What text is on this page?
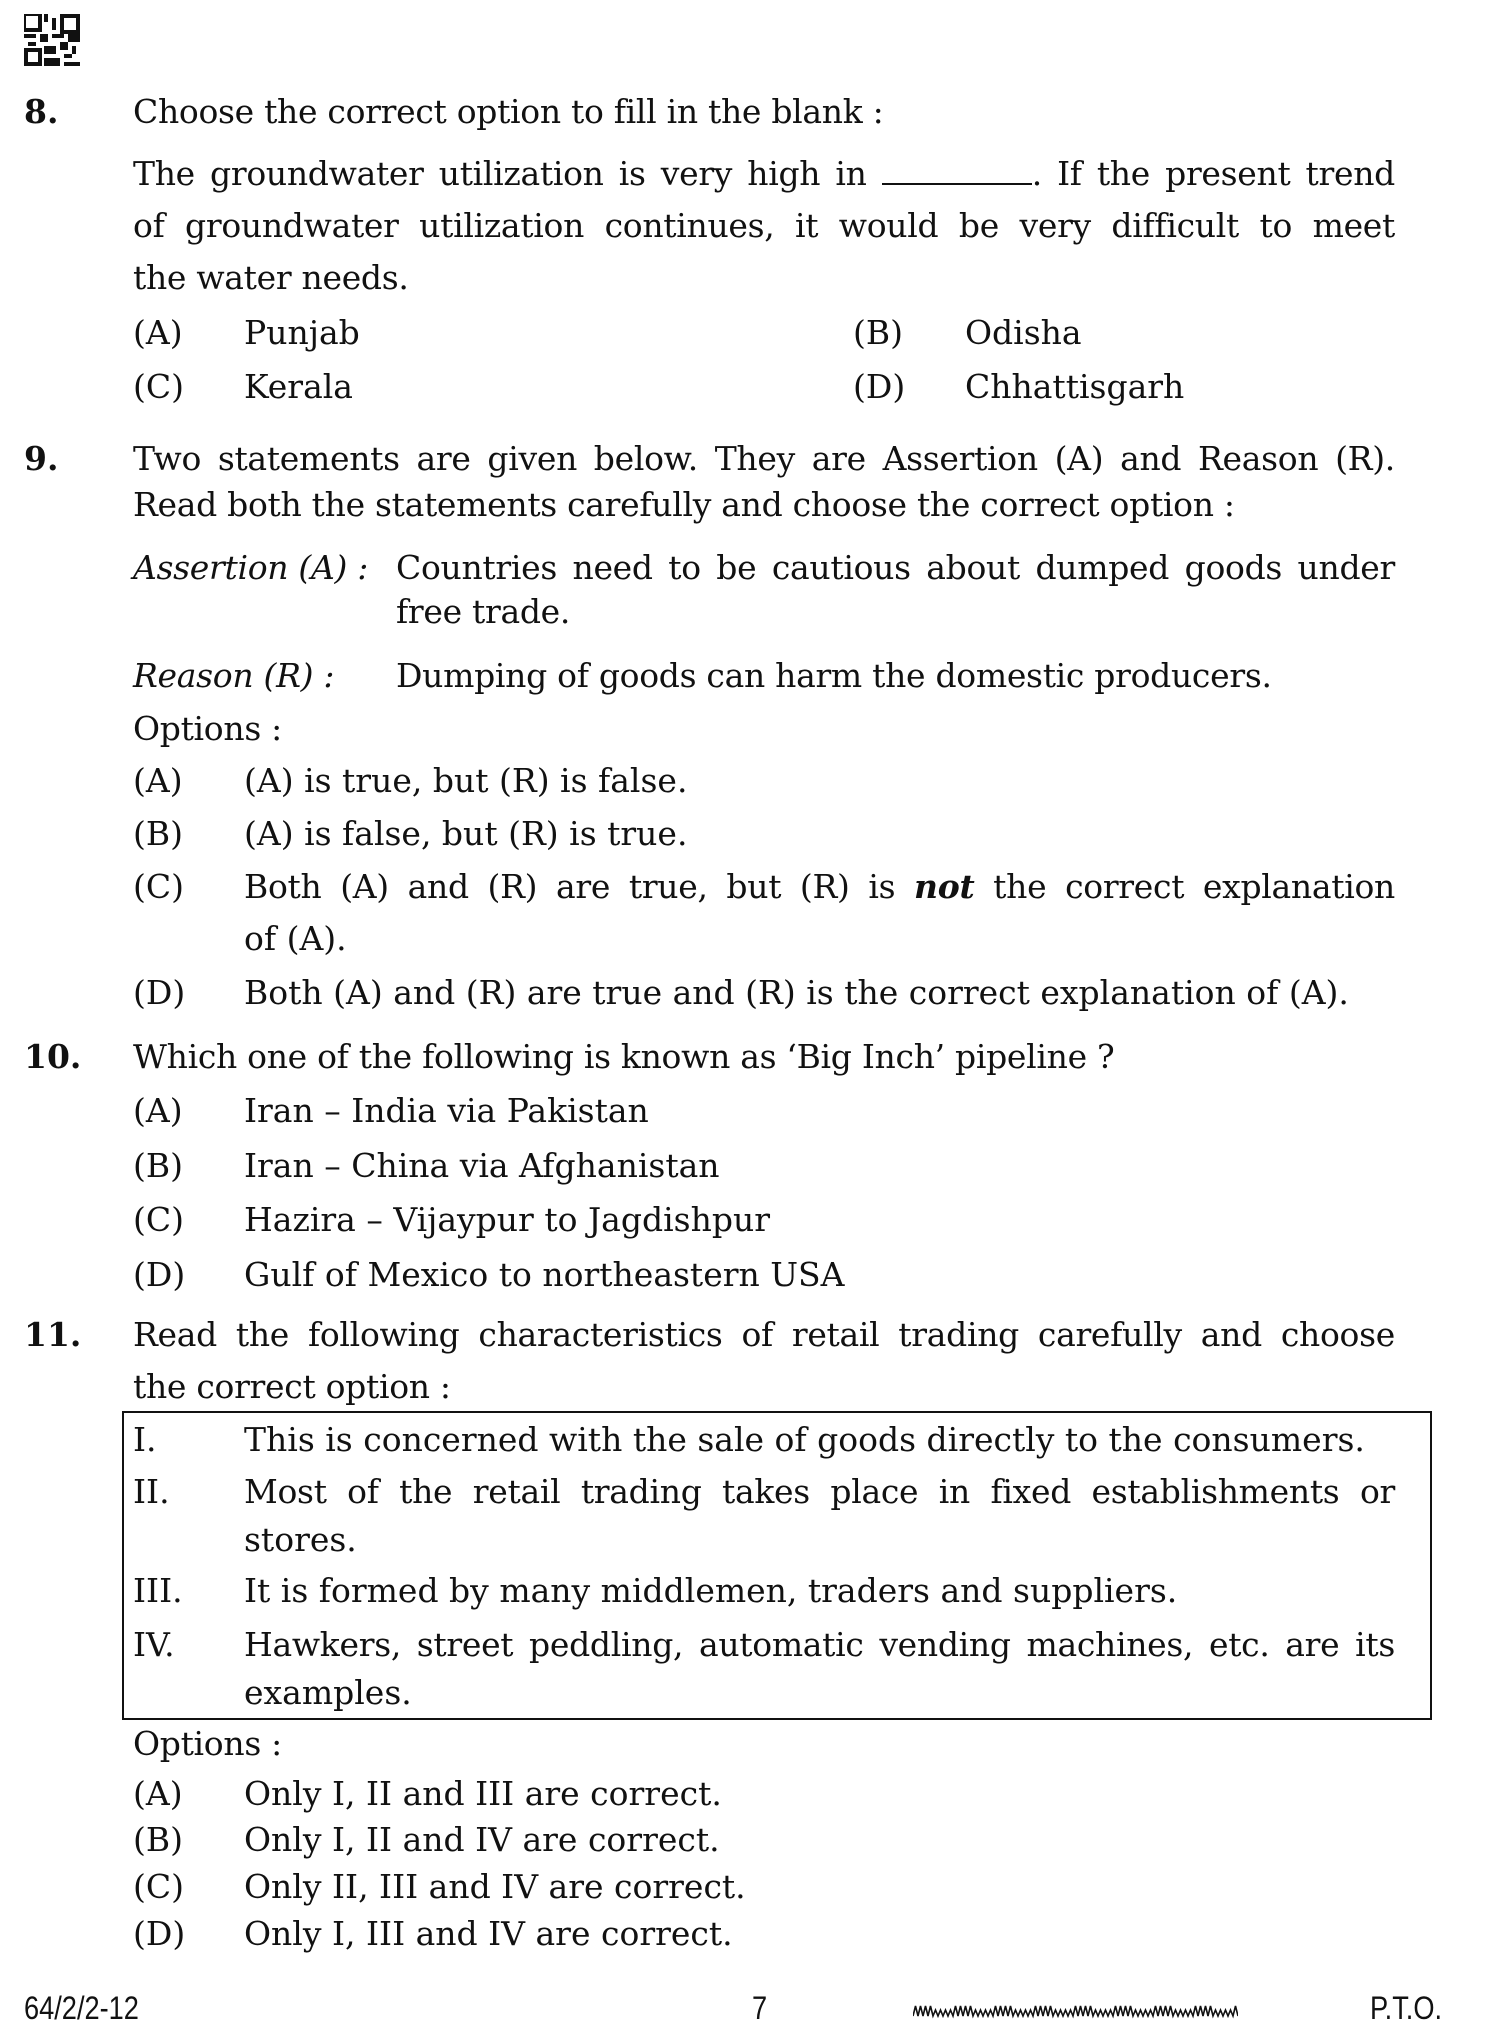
8. Choose the correct option to fill in the blank :
The groundwater utilization is very high in	. If the present trend
of groundwater utilization continues, it would be very difficult to meet
the water needs.
(A) Punjab	(B) Odisha
(C) Kerala	(D) Chhattisgarh
9. Two statements are given below. They are Assertion (A) and Reason (R).
Read both the statements carefully and choose the correct option :
Assertion (A) : Countries need to be cautious about dumped goods under
free trade.
Reason (R) : Dumping of goods can harm the domestic producers.
Options :
(A) (A) is true, but (R) is false.
(B) (A) is false, but (R) is true.
(C) Both (A) and (R) are true, but (R) is not the correct explanation
of (A).
(D) Both (A) and (R) are true and (R) is the correct explanation of (A).
10. Which one of the following is known as ‘Big Inch’ pipeline ?
(A) Iran – India via Pakistan
(B) Iran – China via Afghanistan
(C) Hazira – Vijaypur to Jagdishpur
(D) Gulf of Mexico to northeastern USA
11. Read the following characteristics of retail trading carefully and choose
the correct option :
I.	This is concerned with the sale of goods directly to the consumers.
II. Most of the retail trading takes place in fixed establishments or
stores.
III. It is formed by many middlemen, traders and suppliers.
IV. Hawkers, street peddling, automatic vending machines, etc. are its
examples.
Options :
(A) Only I, II and III are correct.
(B) Only I, II and IV are correct.
(C) Only II, III and IV are correct.
(D) Only I, III and IV are correct.
64/2/2-12	7	P.T.O.
